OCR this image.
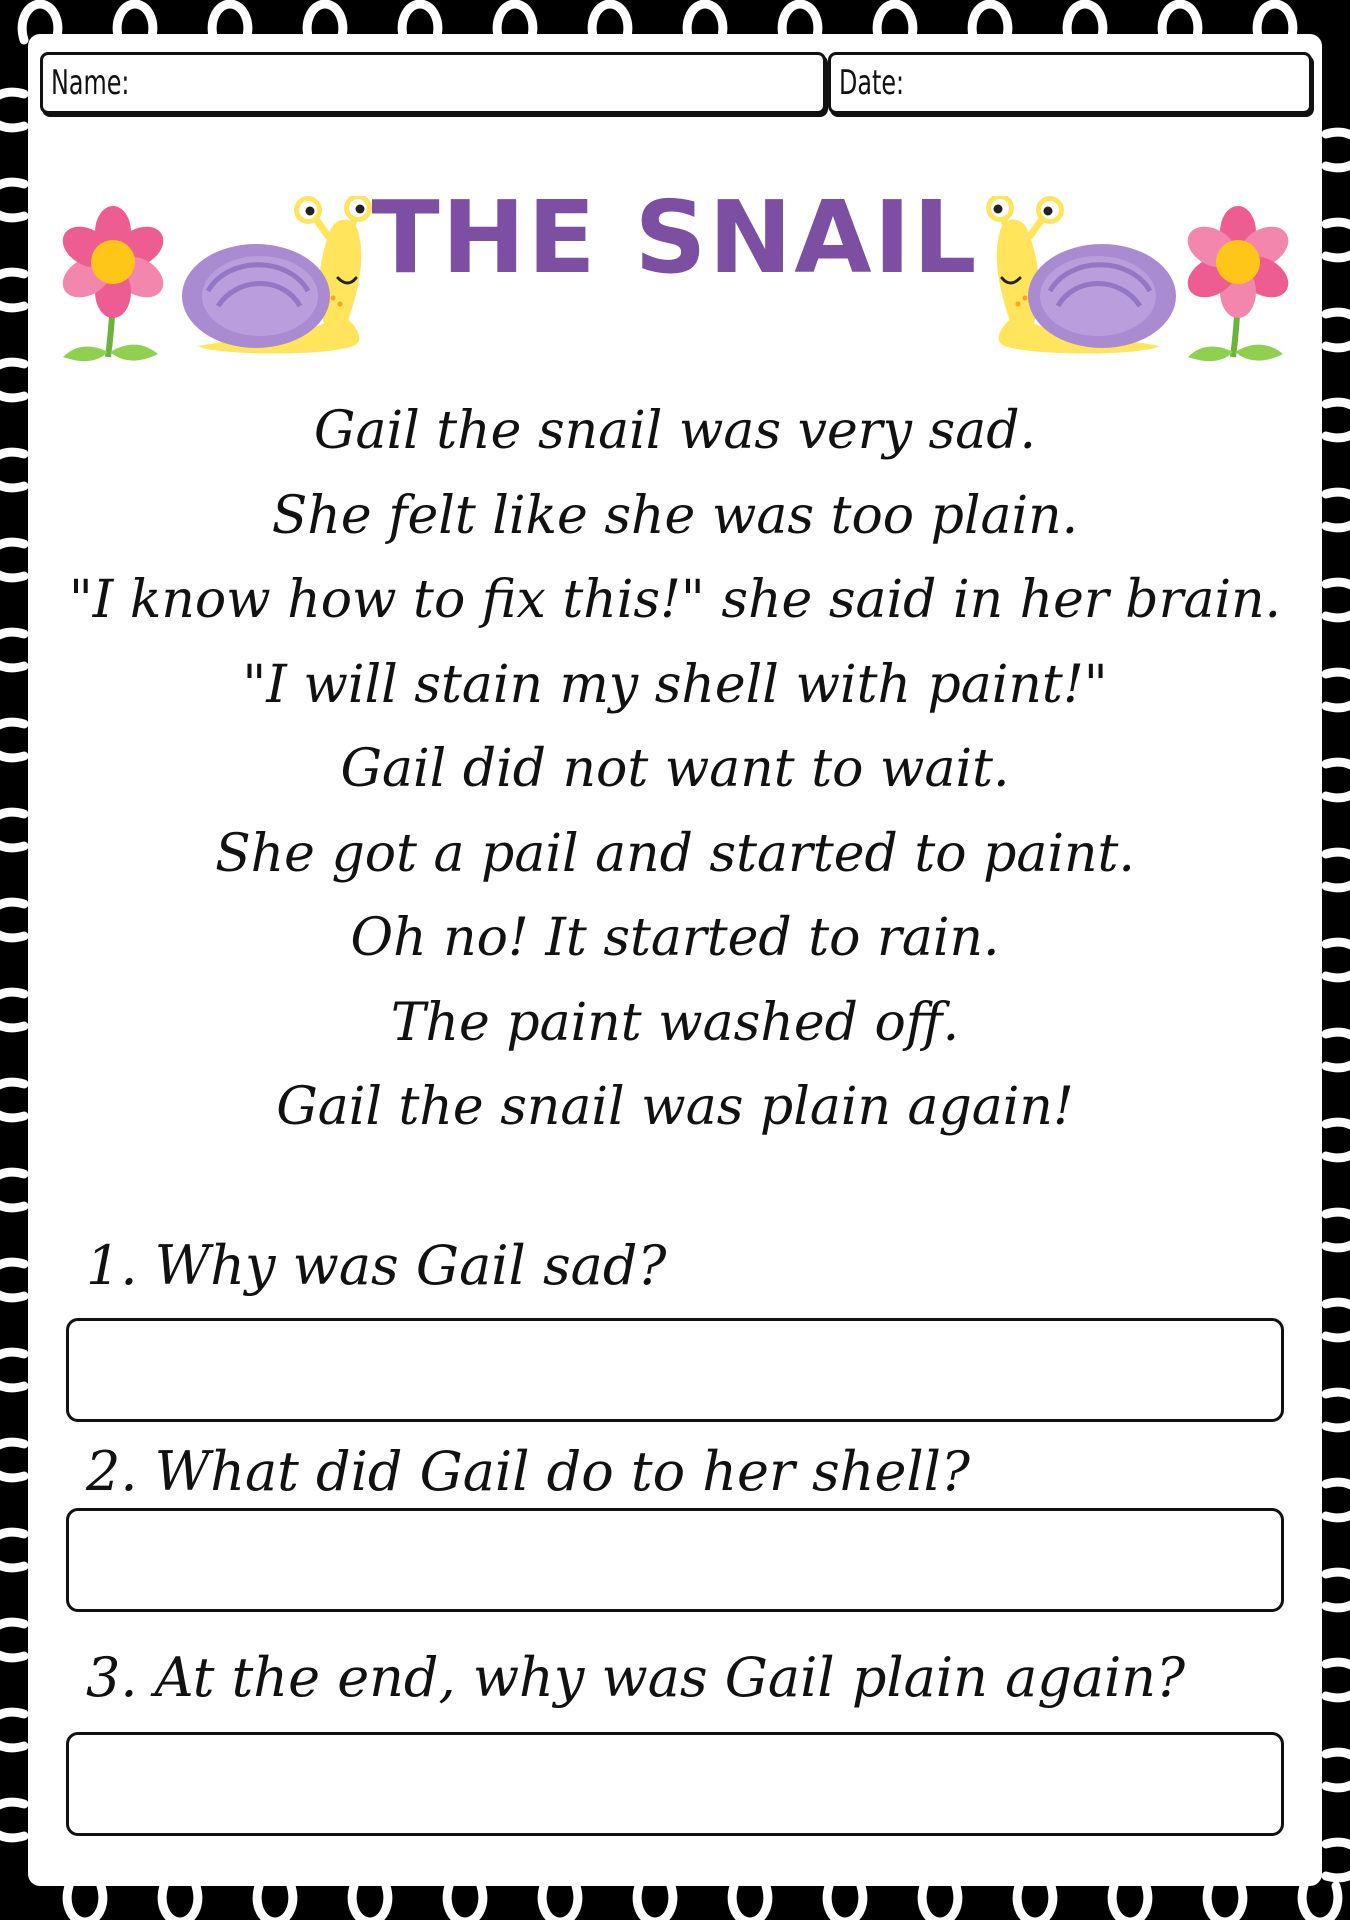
Name:	Date:
THE SNAIL
Gail the snail was very sad.
She felt like she was too plain.
"I know how to fix this!" she said in her brain.
"I will stain my shell with paint!"
Gail did not want to wait.
She got a pail and started to paint.
Oh no! It started to rain.
The paint washed off.
Gail the snail was plain again!
1. Why was Gail sad?
2. What did Gail do to her shell?
3. At the end, why was Gail plain again?
